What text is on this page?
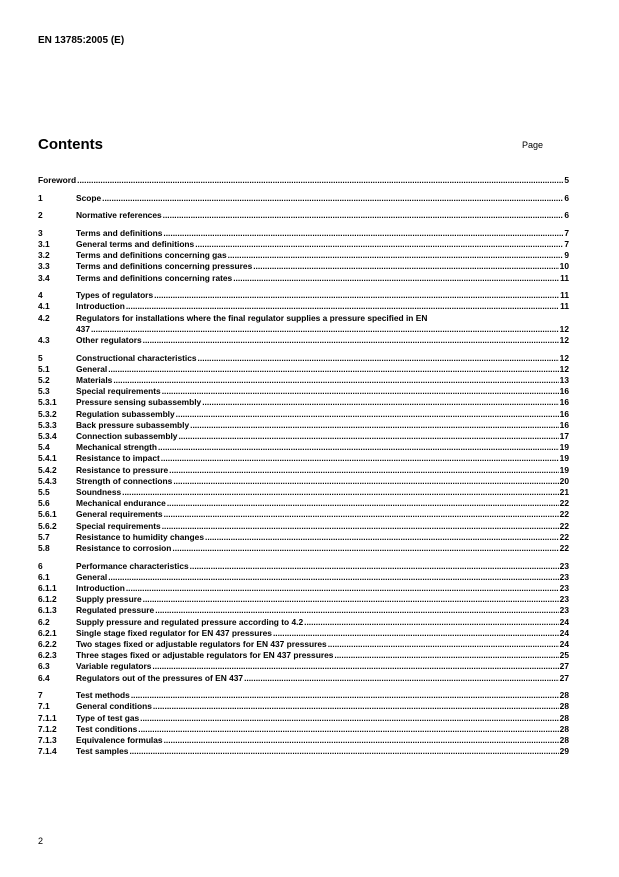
EN 13785:2005 (E)
Contents	Page
Foreword .....	5
1	Scope .....	6
2	Normative references .....	6
3	Terms and definitions .....	7
3.1	General terms and definitions .....	7
3.2	Terms and definitions concerning gas .....	9
3.3	Terms and definitions concerning pressures .....	10
3.4	Terms and definitions concerning rates .....	11
4	Types of regulators .....	11
4.1	Introduction .....	11
4.2	Regulators for installations where the final regulator supplies a pressure specified in EN
437 .....	12
4.3	Other regulators .....	12
5	Constructional characteristics .....	12
5.1	General .....	12
5.2	Materials .....	13
5.3	Special requirements .....	16
5.3.1	Pressure sensing subassembly .....	16
5.3.2	Regulation subassembly .....	16
5.3.3	Back pressure subassembly .....	16
5.3.4	Connection subassembly .....	17
5.4	Mechanical strength .....	19
5.4.1	Resistance to impact .....	19
5.4.2	Resistance to pressure .....	19
5.4.3	Strength of connections .....	20
5.5	Soundness .....	21
5.6	Mechanical endurance .....	22
5.6.1	General requirements .....	22
5.6.2	Special requirements .....	22
5.7	Resistance to humidity changes .....	22
5.8	Resistance to corrosion .....	22
6	Performance characteristics .....	23
6.1	General .....	23
6.1.1	Introduction .....	23
6.1.2	Supply pressure .....	23
6.1.3	Regulated pressure .....	23
6.2	Supply pressure and regulated pressure according to 4.2 .....	24
6.2.1	Single stage fixed regulator for EN 437 pressures .....	24
6.2.2	Two stages fixed or adjustable regulators for EN 437 pressures .....	24
6.2.3	Three stages fixed or adjustable regulators for EN 437 pressures .....	25
6.3	Variable regulators .....	27
6.4	Regulators out of the pressures of EN 437 .....	27
7	Test methods .....	28
7.1	General conditions .....	28
7.1.1	Type of test gas .....	28
7.1.2	Test conditions .....	28
7.1.3	Equivalence formulas .....	28
7.1.4	Test samples .....	29
2
